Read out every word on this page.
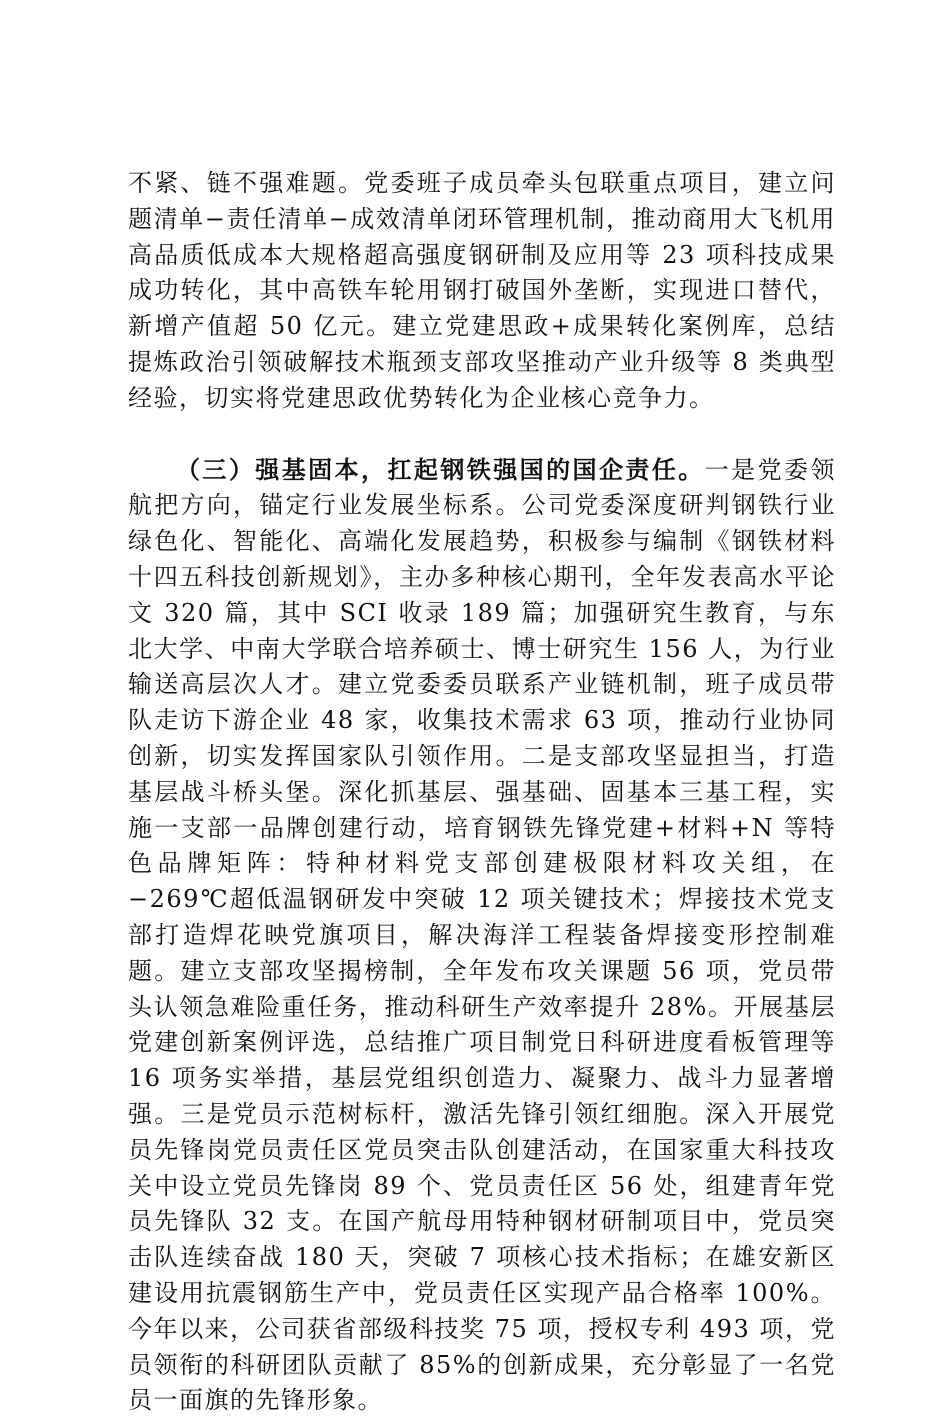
不紧、链不强难题。党委班子成员牵头包联重点项目，建立问题清单−责任清单−成效清单闭环管理机制，推动商用大飞机用高品质低成本大规格超高强度钢研制及应用等 23 项科技成果成功转化，其中高铁车轮用钢打破国外垄断，实现进口替代，新增产值超 50 亿元。建立党建思政+成果转化案例库，总结提炼政治引领破解技术瓶颈支部攻坚推动产业升级等 8 类典型经验，切实将党建思政优势转化为企业核心竞争力。

（三）强基固本，扛起钢铁强国的国企责任。一是党委领航把方向，锚定行业发展坐标系。公司党委深度研判钢铁行业绿色化、智能化、高端化发展趋势，积极参与编制《钢铁材料十四五科技创新规划》，主办多种核心期刊，全年发表高水平论文 320 篇，其中 SCI 收录 189 篇；加强研究生教育，与东北大学、中南大学联合培养硕士、博士研究生 156 人，为行业输送高层次人才。建立党委委员联系产业链机制，班子成员带队走访下游企业 48 家，收集技术需求 63 项，推动行业协同创新，切实发挥国家队引领作用。二是支部攻坚显担当，打造基层战斗桥头堡。深化抓基层、强基础、固基本三基工程，实施一支部一品牌创建行动，培育钢铁先锋党建+材料+N 等特色品牌矩阵：特种材料党支部创建极限材料攻关组，在−269℃超低温钢研发中突破 12 项关键技术；焊接技术党支部打造焊花映党旗项目，解决海洋工程装备焊接变形控制难题。建立支部攻坚揭榜制，全年发布攻关课题 56 项，党员带头认领急难险重任务，推动科研生产效率提升 28%。开展基层党建创新案例评选，总结推广项目制党日科研进度看板管理等 16 项务实举措，基层党组织创造力、凝聚力、战斗力显著增强。三是党员示范树标杆，激活先锋引领红细胞。深入开展党员先锋岗党员责任区党员突击队创建活动，在国家重大科技攻关中设立党员先锋岗 89 个、党员责任区 56 处，组建青年党员先锋队 32 支。在国产航母用特种钢材研制项目中，党员突击队连续奋战 180 天，突破 7 项核心技术指标；在雄安新区建设用抗震钢筋生产中，党员责任区实现产品合格率 100%。今年以来，公司获省部级科技奖 75 项，授权专利 493 项，党员领衔的科研团队贡献了 85%的创新成果，充分彰显了一名党员一面旗的先锋形象。
